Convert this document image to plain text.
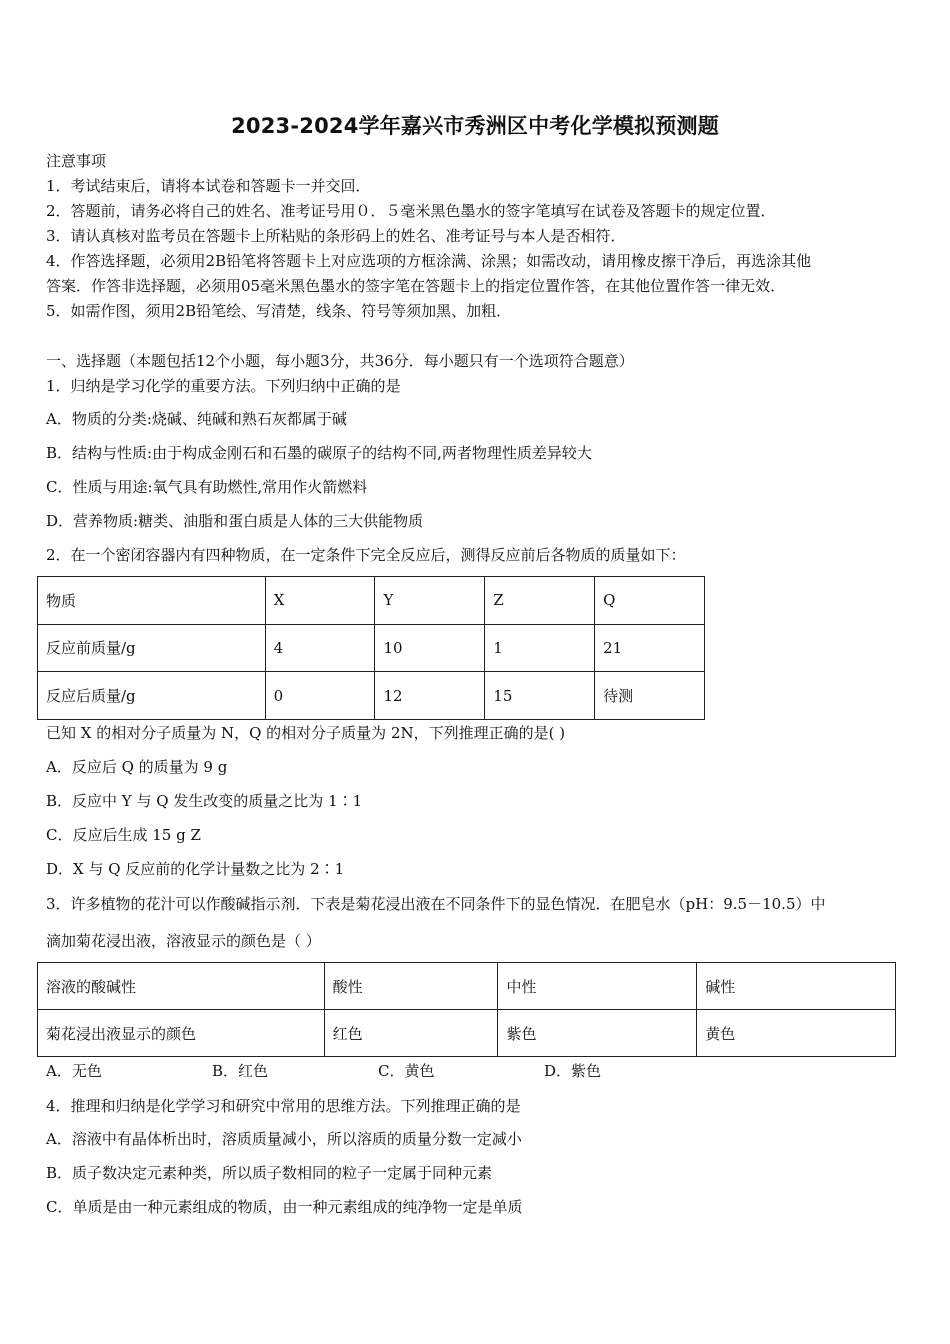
2023-2024学年嘉兴市秀洲区中考化学模拟预测题
注意事项
1．考试结束后，请将本试卷和答题卡一并交回．
2．答题前，请务必将自己的姓名、准考证号用０．５毫米黑色墨水的签字笔填写在试卷及答题卡的规定位置．
3．请认真核对监考员在答题卡上所粘贴的条形码上的姓名、准考证号与本人是否相符．
4．作答选择题，必须用2B铅笔将答题卡上对应选项的方框涂满、涂黑；如需改动，请用橡皮擦干净后，再选涂其他
答案．作答非选择题，必须用05毫米黑色墨水的签字笔在答题卡上的指定位置作答，在其他位置作答一律无效．
5．如需作图，须用2B铅笔绘、写清楚，线条、符号等须加黑、加粗．
一、选择题（本题包括12个小题，每小题3分，共36分．每小题只有一个选项符合题意）
1．归纳是学习化学的重要方法。下列归纳中正确的是
A．物质的分类:烧碱、纯碱和熟石灰都属于碱
B．结构与性质:由于构成金刚石和石墨的碳原子的结构不同,两者物理性质差异较大
C．性质与用途:氧气具有助燃性,常用作火箭燃料
D．营养物质:糖类、油脂和蛋白质是人体的三大供能物质
2．在一个密闭容器内有四种物质，在一定条件下完全反应后，测得反应前后各物质的质量如下：
物质	X	Y	Z	Q
反应前质量/g	4	10	1	21
反应后质量/g	0	12	15	待测
已知 X 的相对分子质量为 N，Q 的相对分子质量为 2N，下列推理正确的是( )
A．反应后 Q 的质量为 9 g
B．反应中 Y 与 Q 发生改变的质量之比为 1∶1
C．反应后生成 15 g Z
D．X 与 Q 反应前的化学计量数之比为 2∶1
3．许多植物的花汁可以作酸碱指示剂．下表是菊花浸出液在不同条件下的显色情况．在肥皂水（pH：9.5－10.5）中
滴加菊花浸出液，溶液显示的颜色是（ ）
溶液的酸碱性	酸性	中性	碱性
菊花浸出液显示的颜色	红色	紫色	黄色
A．无色	B．红色	C．黄色	D．紫色
4．推理和归纳是化学学习和研究中常用的思维方法。下列推理正确的是
A．溶液中有晶体析出时，溶质质量减小，所以溶质的质量分数一定减小
B．质子数决定元素种类，所以质子数相同的粒子一定属于同种元素
C．单质是由一种元素组成的物质，由一种元素组成的纯净物一定是单质
